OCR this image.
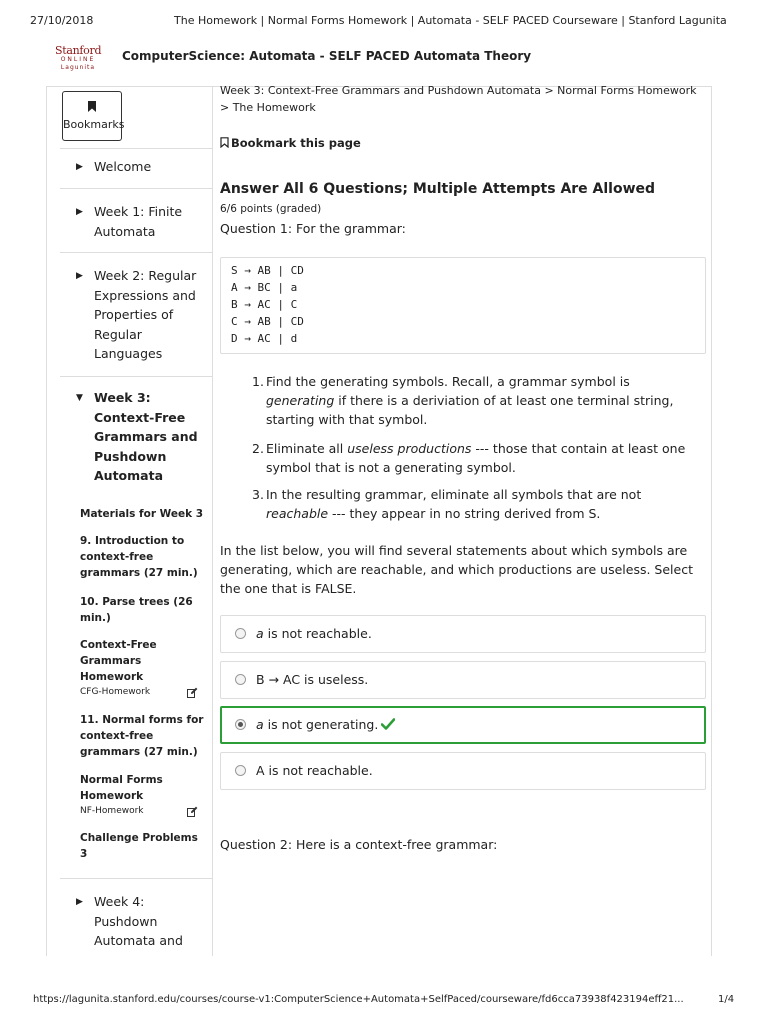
27/10/2018	The Homework | Normal Forms Homework | Automata - SELF PACED Courseware | Stanford Lagunita
Stanford
ONLINE
Lagunita
ComputerScience: Automata - SELF PACED Automata Theory
Bookmarks
▶ Welcome
▶ Week 1: Finite Automata
▶ Week 2: Regular Expressions and Properties of Regular Languages
▼ Week 3: Context-Free Grammars and Pushdown Automata
Materials for Week 3
9. Introduction to context-free grammars (27 min.)
10. Parse trees (26 min.)
Context-Free Grammars Homework
CFG-Homework
11. Normal forms for context-free grammars (27 min.)
Normal Forms Homework
NF-Homework
Challenge Problems 3
▶ Week 4: Pushdown Automata and
Week 3: Context-Free Grammars and Pushdown Automata > Normal Forms Homework > The Homework
Bookmark this page
Answer All 6 Questions; Multiple Attempts Are Allowed
6/6 points (graded)
Question 1: For the grammar:
S → AB | CD
A → BC | a
B → AC | C
C → AB | CD
D → AC | d
1. Find the generating symbols. Recall, a grammar symbol is generating if there is a deriviation of at least one terminal string, starting with that symbol.
2. Eliminate all useless productions --- those that contain at least one symbol that is not a generating symbol.
3. In the resulting grammar, eliminate all symbols that are not reachable --- they appear in no string derived from S.
In the list below, you will find several statements about which symbols are generating, which are reachable, and which productions are useless. Select the one that is FALSE.
a is not reachable.
B → AC is useless.
a is not generating.
A is not reachable.
Question 2: Here is a context-free grammar:
https://lagunita.stanford.edu/courses/course-v1:ComputerScience+Automata+SelfPaced/courseware/fd6cca73938f423194eff21...	1/4
